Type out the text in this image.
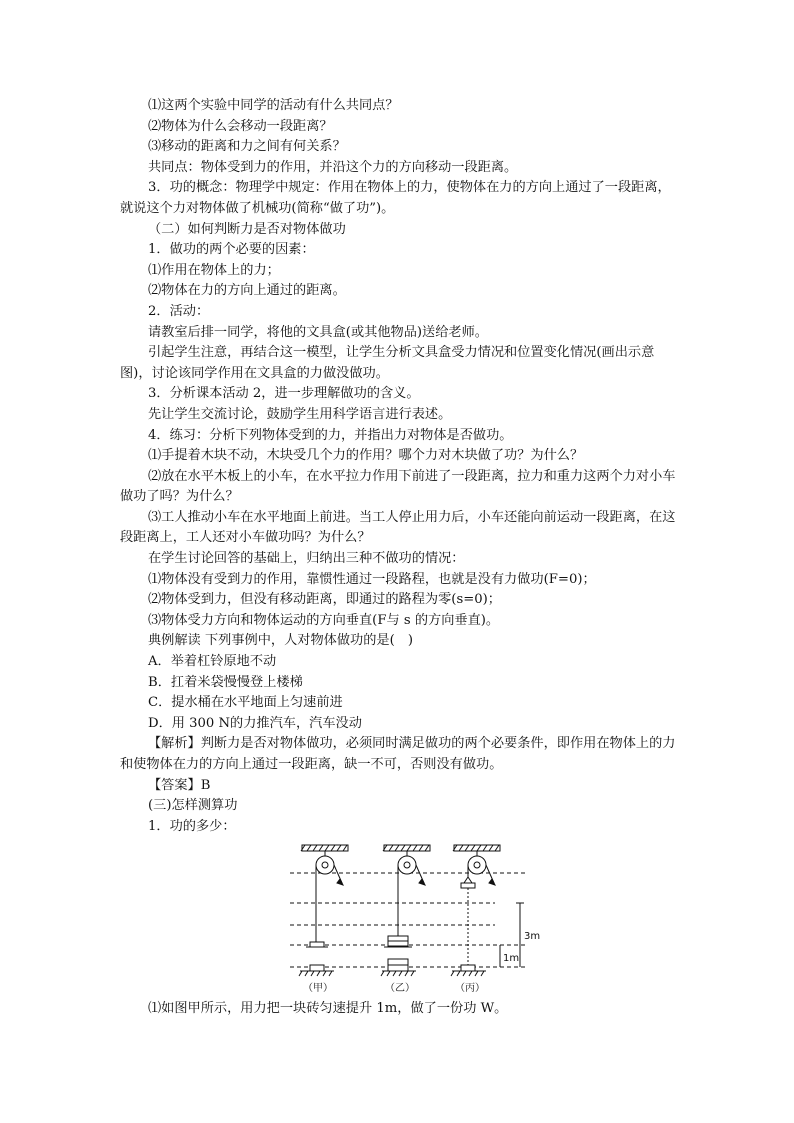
⑴这两个实验中同学的活动有什么共同点？

⑵物体为什么会移动一段距离？

⑶移动的距离和力之间有何关系？

共同点：物体受到力的作用，并沿这个力的方向移动一段距离。

3．功的概念：物理学中规定：作用在物体上的力，使物体在力的方向上通过了一段距离，就说这个力对物体做了机械功(简称“做了功”)。

（二）如何判断力是否对物体做功

1．做功的两个必要的因素：

⑴作用在物体上的力；

⑵物体在力的方向上通过的距离。

2．活动：

请教室后排一同学，将他的文具盒(或其他物品)送给老师。

引起学生注意，再结合这一模型，让学生分析文具盒受力情况和位置变化情况(画出示意图)，讨论该同学作用在文具盒的力做没做功。

3．分析课本活动 2，进一步理解做功的含义。

先让学生交流讨论，鼓励学生用科学语言进行表述。

4．练习：分析下列物体受到的力，并指出力对物体是否做功。

⑴手提着木块不动，木块受几个力的作用？哪个力对木块做了功？为什么？

⑵放在水平木板上的小车，在水平拉力作用下前进了一段距离，拉力和重力这两个力对小车做功了吗？为什么？

⑶工人推动小车在水平地面上前进。当工人停止用力后，小车还能向前运动一段距离，在这段距离上，工人还对小车做功吗？为什么？

在学生讨论回答的基础上，归纳出三种不做功的情况：

⑴物体没有受到力的作用，靠惯性通过一段路程，也就是没有力做功(F=0)；

⑵物体受到力，但没有移动距离，即通过的路程为零(s=0)；

⑶物体受力方向和物体运动的方向垂直(F与 s 的方向垂直)。

典例解读 下列事例中，人对物体做功的是(　)

A．举着杠铃原地不动

B．扛着米袋慢慢登上楼梯

C．提水桶在水平地面上匀速前进

D．用 300 N的力推汽车，汽车没动

【解析】判断力是否对物体做功，必须同时满足做功的两个必要条件，即作用在物体上的力和使物体在力的方向上通过一段距离，缺一不可，否则没有做功。

【答案】B

(三)怎样测算功

1．功的多少：

3m
1m
（甲）	（乙）	（丙）

⑴如图甲所示，用力把一块砖匀速提升 1m，做了一份功 W。
